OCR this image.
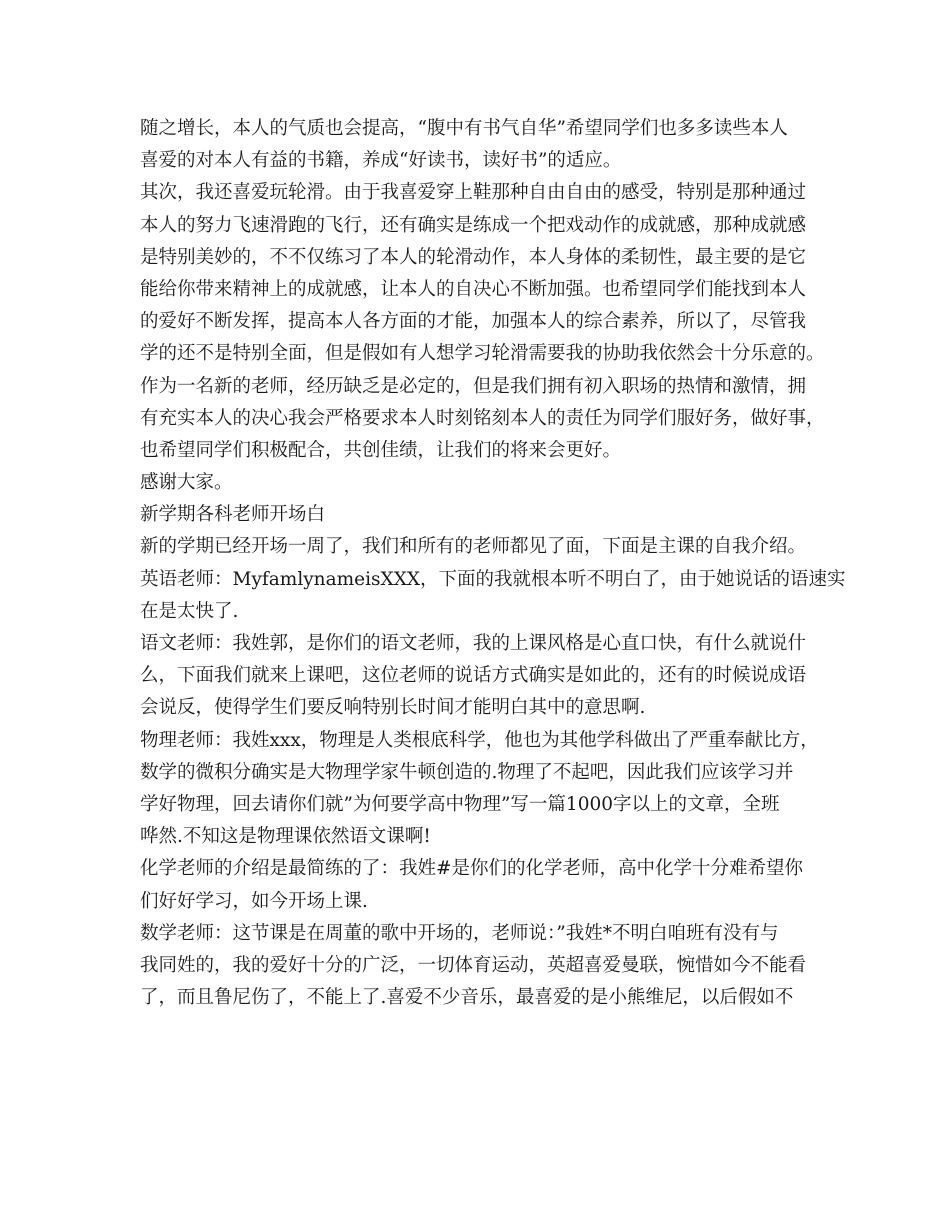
随之增长，本人的气质也会提高，“腹中有书气自华”希望同学们也多多读些本人
喜爱的对本人有益的书籍，养成“好读书，读好书”的适应。
其次，我还喜爱玩轮滑。由于我喜爱穿上鞋那种自由自由的感受，特别是那种通过
本人的努力飞速滑跑的飞行，还有确实是练成一个把戏动作的成就感，那种成就感
是特别美妙的，不不仅练习了本人的轮滑动作，本人身体的柔韧性，最主要的是它
能给你带来精神上的成就感，让本人的自决心不断加强。也希望同学们能找到本人
的爱好不断发挥，提高本人各方面的才能，加强本人的综合素养，所以了，尽管我
学的还不是特别全面，但是假如有人想学习轮滑需要我的协助我依然会十分乐意的。
作为一名新的老师，经历缺乏是必定的，但是我们拥有初入职场的热情和激情，拥
有充实本人的决心我会严格要求本人时刻铭刻本人的责任为同学们服好务，做好事，
也希望同学们积极配合，共创佳绩，让我们的将来会更好。
感谢大家。
新学期各科老师开场白
新的学期已经开场一周了，我们和所有的老师都见了面，下面是主课的自我介绍。
英语老师：MyfamlynameisXXX，下面的我就根本听不明白了，由于她说话的语速实
在是太快了.
语文老师：我姓郭，是你们的语文老师，我的上课风格是心直口快，有什么就说什
么，下面我们就来上课吧，这位老师的说话方式确实是如此的，还有的时候说成语
会说反，使得学生们要反响特别长时间才能明白其中的意思啊.
物理老师：我姓xxx，物理是人类根底科学，他也为其他学科做出了严重奉献比方，
数学的微积分确实是大物理学家牛顿创造的.物理了不起吧，因此我们应该学习并
学好物理，回去请你们就”为何要学高中物理”写一篇1000字以上的文章，全班
哗然.不知这是物理课依然语文课啊!
化学老师的介绍是最简练的了：我姓#是你们的化学老师，高中化学十分难希望你
们好好学习，如今开场上课.
数学老师：这节课是在周董的歌中开场的，老师说：”我姓*不明白咱班有没有与
我同姓的，我的爱好十分的广泛，一切体育运动，英超喜爱曼联，惋惜如今不能看
了，而且鲁尼伤了，不能上了.喜爱不少音乐，最喜爱的是小熊维尼，以后假如不
